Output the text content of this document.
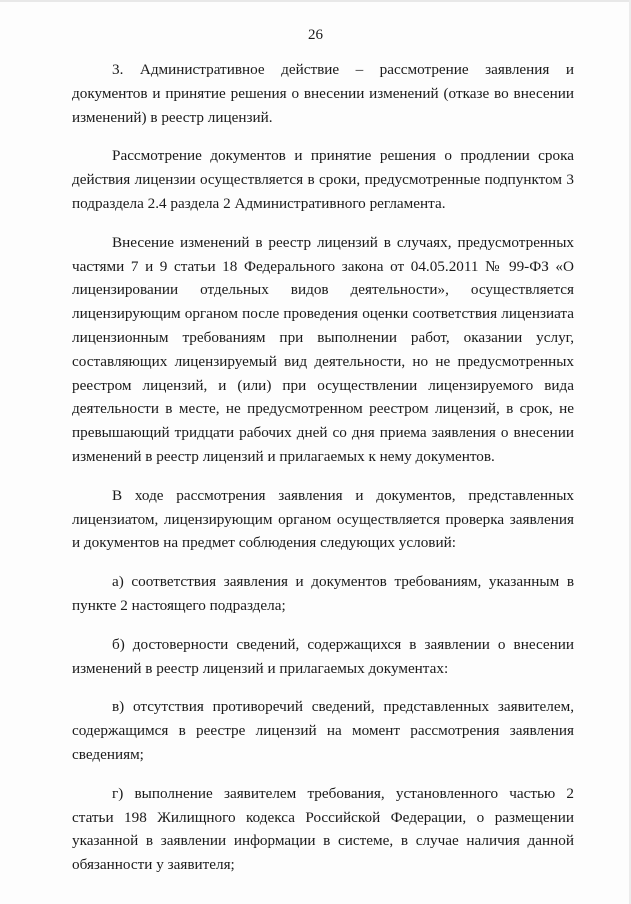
26

3. Административное действие – рассмотрение заявления и документов и принятие решения о внесении изменений (отказе во внесении изменений) в реестр лицензий.

Рассмотрение документов и принятие решения о продлении срока действия лицензии осуществляется в сроки, предусмотренные подпунктом 3 подраздела 2.4 раздела 2 Административного регламента.

Внесение изменений в реестр лицензий в случаях, предусмотренных частями 7 и 9 статьи 18 Федерального закона от 04.05.2011 № 99-ФЗ «О лицензировании отдельных видов деятельности», осуществляется лицензирующим органом после проведения оценки соответствия лицензиата лицензионным требованиям при выполнении работ, оказании услуг, составляющих лицензируемый вид деятельности, но не предусмотренных реестром лицензий, и (или) при осуществлении лицензируемого вида деятельности в месте, не предусмотренном реестром лицензий, в срок, не превышающий тридцати рабочих дней со дня приема заявления о внесении изменений в реестр лицензий и прилагаемых к нему документов.

В ходе рассмотрения заявления и документов, представленных лицензиатом, лицензирующим органом осуществляется проверка заявления и документов на предмет соблюдения следующих условий:

а) соответствия заявления и документов требованиям, указанным в пункте 2 настоящего подраздела;

б) достоверности сведений, содержащихся в заявлении о внесении изменений в реестр лицензий и прилагаемых документах:

в) отсутствия противоречий сведений, представленных заявителем, содержащимся в реестре лицензий на момент рассмотрения заявления сведениям;

г) выполнение заявителем требования, установленного частью 2 статьи 198 Жилищного кодекса Российской Федерации, о размещении указанной в заявлении информации в системе, в случае наличия данной обязанности у заявителя;
